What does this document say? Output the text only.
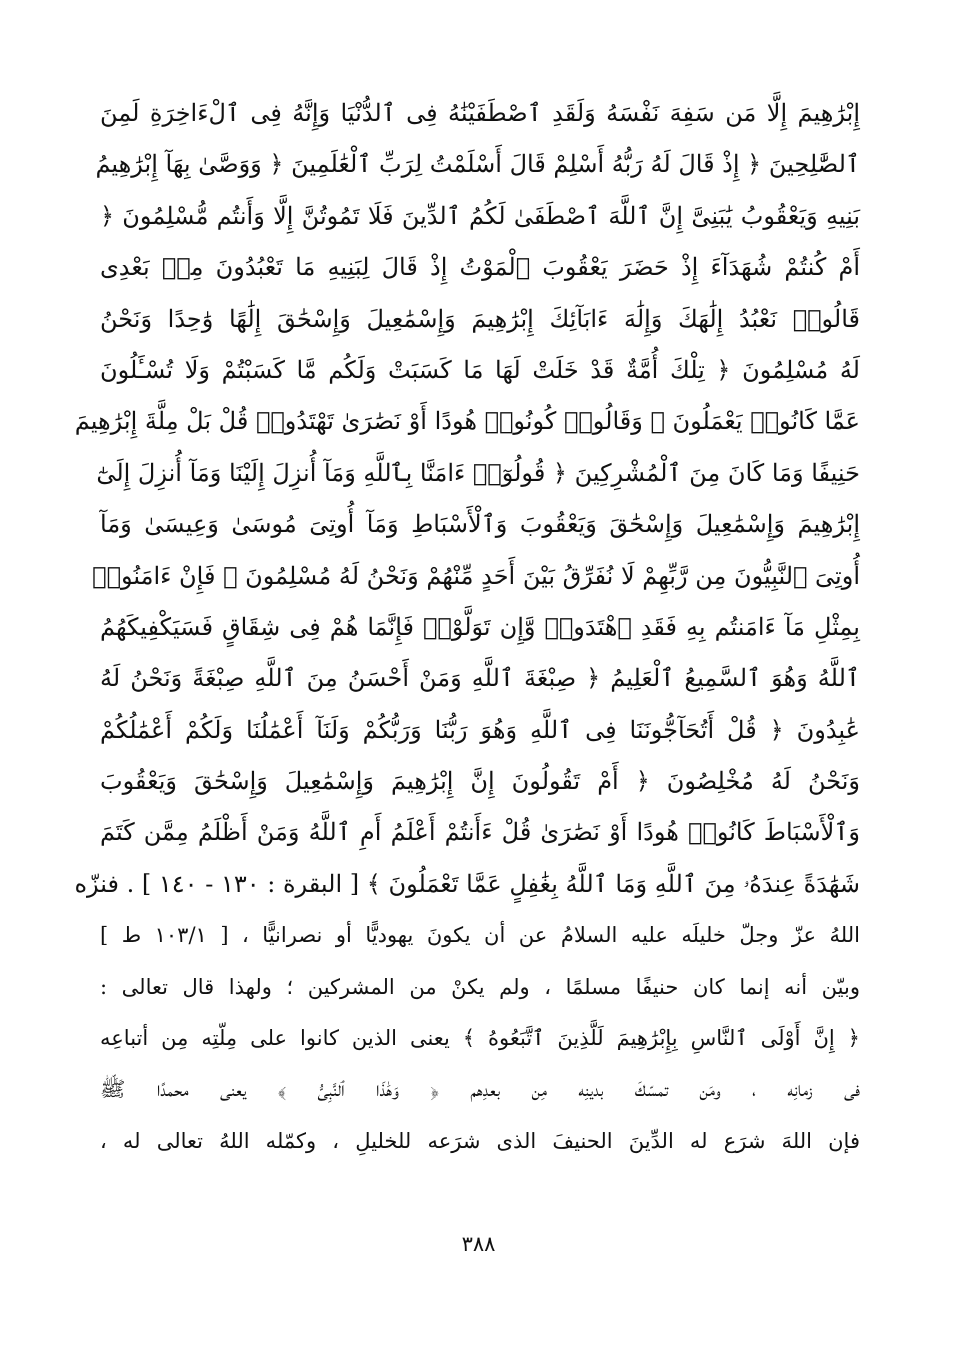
إِبْرَٰهِيمَ إِلَّا مَن سَفِهَ نَفْسَهُ وَلَقَدِ ٱصْطَفَيْنَٰهُ فِى ٱلدُّنْيَا وَإِنَّهُ فِى ٱلْءَاخِرَةِ لَمِنَ
ٱلصَّٰلِحِينَ ﴿ إِذْ قَالَ لَهُ رَبُّهُ أَسْلِمْ قَالَ أَسْلَمْتُ لِرَبِّ ٱلْعَٰلَمِينَ ﴿ وَوَصَّىٰ بِهَآ إِبْرَٰهِيمُ
بَنِيهِ وَيَعْقُوبُ يَٰبَنِىَّ إِنَّ ٱللَّهَ ٱصْطَفَىٰ لَكُمُ ٱلدِّينَ فَلَا تَمُوتُنَّ إِلَّا وَأَنتُم مُّسْلِمُونَ ﴿
أَمْ كُنتُمْ شُهَدَآءَ إِذْ حَضَرَ يَعْقُوبَ ٱلْمَوْتُ إِذْ قَالَ لِبَنِيهِ مَا تَعْبُدُونَ مِنۢ بَعْدِى
قَالُوا۟ نَعْبُدُ إِلَٰهَكَ وَإِلَٰهَ ءَابَآئِكَ إِبْرَٰهِيمَ وَإِسْمَٰعِيلَ وَإِسْحَٰقَ إِلَٰهًا وَٰحِدًا وَنَحْنُ
لَهُ مُسْلِمُونَ ﴿ تِلْكَ أُمَّةٌ قَدْ خَلَتْ لَهَا مَا كَسَبَتْ وَلَكُم مَّا كَسَبْتُمْ وَلَا تُسْـَٔلُونَ
عَمَّا كَانُوا۟ يَعْمَلُونَ ﴿ وَقَالُوا۟ كُونُوا۟ هُودًا أَوْ نَصَٰرَىٰ تَهْتَدُوا۟ قُلْ بَلْ مِلَّةَ إِبْرَٰهِيمَ
حَنِيفًا وَمَا كَانَ مِنَ ٱلْمُشْرِكِينَ ﴿ قُولُوٓا۟ ءَامَنَّا بِٱللَّهِ وَمَآ أُنزِلَ إِلَيْنَا وَمَآ أُنزِلَ إِلَىٰٓ
إِبْرَٰهِيمَ وَإِسْمَٰعِيلَ وَإِسْحَٰقَ وَيَعْقُوبَ وَٱلْأَسْبَاطِ وَمَآ أُوتِىَ مُوسَىٰ وَعِيسَىٰ وَمَآ
أُوتِىَ ٱلنَّبِيُّونَ مِن رَّبِّهِمْ لَا نُفَرِّقُ بَيْنَ أَحَدٍ مِّنْهُمْ وَنَحْنُ لَهُ مُسْلِمُونَ ﴿ فَإِنْ ءَامَنُوا۟
بِمِثْلِ مَآ ءَامَنتُم بِهِ فَقَدِ ٱهْتَدَوا۟ وَّإِن تَوَلَّوْا۟ فَإِنَّمَا هُمْ فِى شِقَاقٍ فَسَيَكْفِيكَهُمُ
ٱللَّهُ وَهُوَ ٱلسَّمِيعُ ٱلْعَلِيمُ ﴿ صِبْغَةَ ٱللَّهِ وَمَنْ أَحْسَنُ مِنَ ٱللَّهِ صِبْغَةً وَنَحْنُ لَهُ
عَٰبِدُونَ ﴿ قُلْ أَتُحَآجُّونَنَا فِى ٱللَّهِ وَهُوَ رَبُّنَا وَرَبُّكُمْ وَلَنَآ أَعْمَٰلُنَا وَلَكُمْ أَعْمَٰلُكُمْ
وَنَحْنُ لَهُ مُخْلِصُونَ ﴿ أَمْ تَقُولُونَ إِنَّ إِبْرَٰهِيمَ وَإِسْمَٰعِيلَ وَإِسْحَٰقَ وَيَعْقُوبَ
وَٱلْأَسْبَاطَ كَانُوا۟ هُودًا أَوْ نَصَٰرَىٰ قُلْ ءَأَنتُمْ أَعْلَمُ أَمِ ٱللَّهُ وَمَنْ أَظْلَمُ مِمَّن كَتَمَ
شَهَٰدَةً عِندَهُۥ مِنَ ٱللَّهِ وَمَا ٱللَّهُ بِغَٰفِلٍ عَمَّا تَعْمَلُونَ ﴾ [ البقرة : ١٣٠ - ١٤٠ ] . فنزّه
اللهُ عزّ وجلّ خليلَه عليه السلامُ عن أن يكونَ يهوديًّا أو نصرانيًّا ، [ ١٠٣/١ ط ]
وبيّن أنه إنما كان حنيفًا مسلمًا ، ولم يكنْ من المشركين ؛ ولهذا قال تعالى :
﴿ إِنَّ أَوْلَى ٱلنَّاسِ بِإِبْرَٰهِيمَ لَلَّذِينَ ٱتَّبَعُوهُ ﴾ يعنى الذين كانوا على مِلّتِه مِن أتباعِه
فى زمانِه ، ومَن تمسّكَ بدينِه مِن بعدِهم ﴿ وَهَٰذَا ٱلنَّبِىُّ ﴾ يعنى محمدًا ﷺ
فإن اللهَ شرَع له الدِّينَ الحنيفَ الذى شرَعه للخليلِ ، وكمّله اللهُ تعالى له ،
٣٨٨
